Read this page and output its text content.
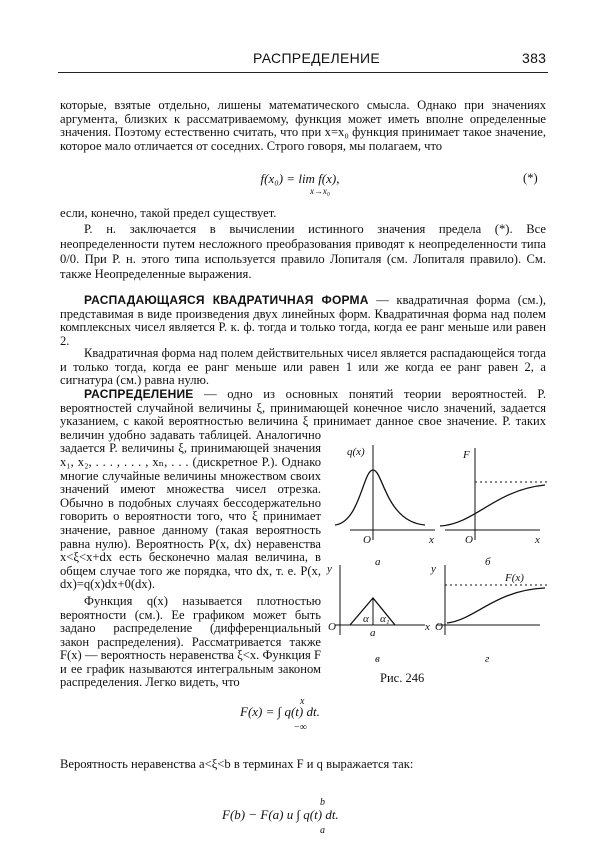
РАСПРЕДЕЛЕНИЕ	383
которые, взятые отдельно, лишены математического смысла. Однако при значениях аргумента, близких к рассматриваемому, функция может иметь вполне определенные значения. Поэтому естественно считать, что при x=x₀ функция принимает такое значение, которое мало отличается от соседних. Строго говоря, мы полагаем, что
f(x₀) = lim f(x),
x→x₀
(*)
если, конечно, такой предел существует.
Р. н. заключается в вычислении истинного значения предела (*). Все неопределенности путем несложного преобразования приводят к неопределенности типа 0/0. При Р. н. этого типа используется правило Лопиталя (см. Лопиталя правило). См. также Неопределенные выражения.
РАСПАДАЮЩАЯСЯ КВАДРАТИЧНАЯ ФОРМА — квадратичная форма (см.), представимая в виде произведения двух линейных форм. Квадратичная форма над полем комплексных чисел является Р. к. ф. тогда и только тогда, когда ее ранг меньше или равен 2.
Квадратичная форма над полем действительных чисел является распадающейся тогда и только тогда, когда ее ранг меньше или равен 1 или же когда ее ранг равен 2, а сигнатура (см.) равна нулю.
РАСПРЕДЕЛЕНИЕ — одно из основных понятий теории вероятностей. Р. вероятностей случайной величины ξ, принимающей конечное число значений, задается указанием, с какой вероятностью величина ξ принимает данное свое значение. Р. таких величин удобно задавать таблицей. Аналогично задается Р. величины ξ, принимающей значения x₁, x₂, . . . , . . . , xₙ, . . . (дискретное Р.). Однако многие случайные величины множеством своих значений имеют множества чисел отрезка. Обычно в подобных случаях бессодержательно говорить о вероятности того, что ξ принимает значение, равное данному (такая вероятность равна нулю). Вероятность P(x, dx) неравенства x<ξ<x+dx есть бесконечно малая величина, в общем случае того же порядка, что dx, т. е. P(x, dx)=q(x)dx+0(dx).
Функция q(x) называется плотностью вероятности (см.). Ее графиком может быть задано распределение (дифференциальный закон распределения). Рассматривается также F(x) — вероятность неравенства ξ<x. Функция F и ее график называются интегральным законом распределения. Легко видеть, что
q(x)
O	x
а
F
O	x
б
y
O	x
a
α α₁
в
y
O
F(x)
г
Рис. 246
x
F(x) = ∫ q(t) dt.
−∞
Вероятность неравенства a<ξ<b в терминах F и q выражается так:
b
F(b) − F(a) и ∫ q(t) dt.
a
